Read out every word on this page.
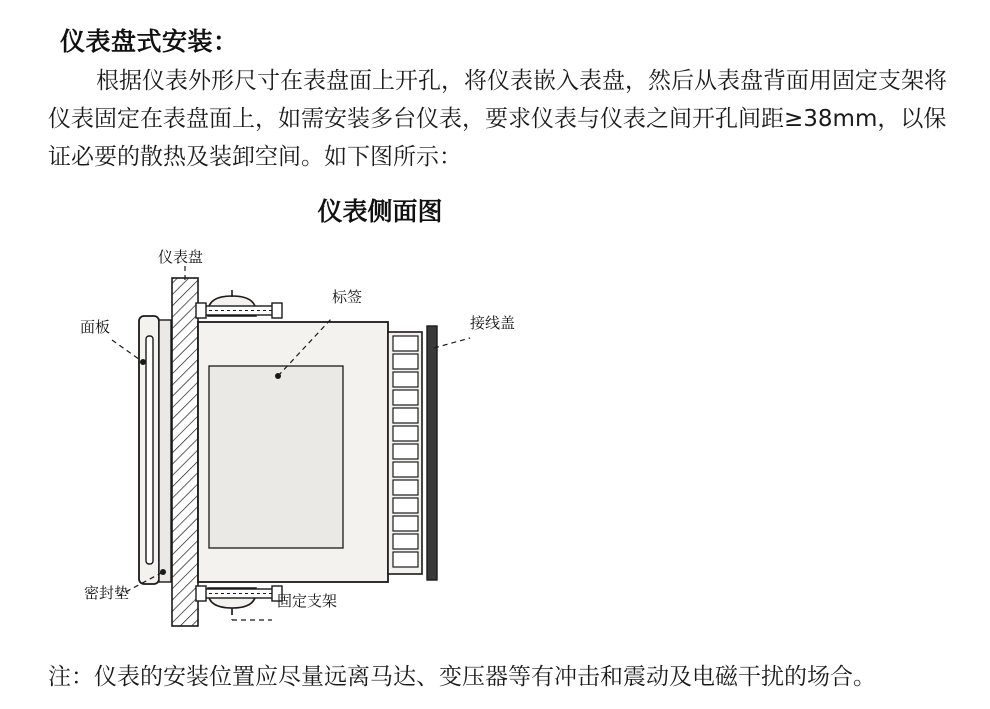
仪表盘式安装：
根据仪表外形尺寸在表盘面上开孔，将仪表嵌入表盘，然后从表盘背面用固定支架将仪表固定在表盘面上，如需安装多台仪表，要求仪表与仪表之间开孔间距≥38mm，以保证必要的散热及装卸空间。如下图所示：
仪表侧面图
仪表盘
标签
接线盖
面板
密封垫	固定支架
注：仪表的安装位置应尽量远离马达、变压器等有冲击和震动及电磁干扰的场合。
